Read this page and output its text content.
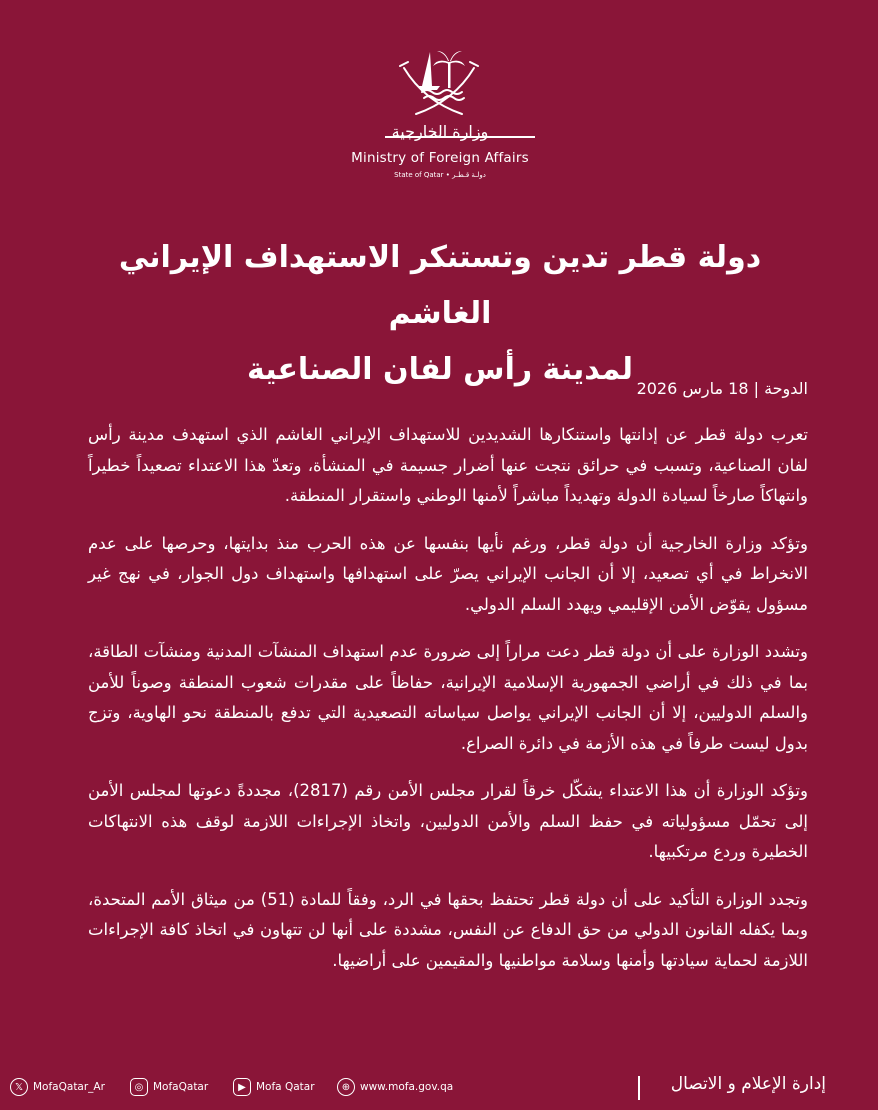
وزارة الخارجية
Ministry of Foreign Affairs
State of Qatar • دولـة قـطـر
دولة قطر تدين وتستنكر الاستهداف الإيراني الغاشم
لمدينة رأس لفان الصناعية
الدوحة | 18 مارس 2026

تعرب دولة قطر عن إدانتها واستنكارها الشديدين للاستهداف الإيراني الغاشم الذي استهدف مدينة رأس لفان الصناعية، وتسبب في حرائق نتجت عنها أضرار جسيمة في المنشأة، وتعدّ هذا الاعتداء تصعيداً خطيراً وانتهاكاً صارخاً لسيادة الدولة وتهديداً مباشراً لأمنها الوطني واستقرار المنطقة.

وتؤكد وزارة الخارجية أن دولة قطر، ورغم نأيها بنفسها عن هذه الحرب منذ بدايتها، وحرصها على عدم الانخراط في أي تصعيد، إلا أن الجانب الإيراني يصرّ على استهدافها واستهداف دول الجوار، في نهج غير مسؤول يقوّض الأمن الإقليمي ويهدد السلم الدولي.

وتشدد الوزارة على أن دولة قطر دعت مراراً إلى ضرورة عدم استهداف المنشآت المدنية ومنشآت الطاقة، بما في ذلك في أراضي الجمهورية الإسلامية الإيرانية، حفاظاً على مقدرات شعوب المنطقة وصوناً للأمن والسلم الدوليين، إلا أن الجانب الإيراني يواصل سياساته التصعيدية التي تدفع بالمنطقة نحو الهاوية، وتزج بدول ليست طرفاً في هذه الأزمة في دائرة الصراع.

وتؤكد الوزارة أن هذا الاعتداء يشكّل خرقاً لقرار مجلس الأمن رقم (2817)، مجددةً دعوتها لمجلس الأمن إلى تحمّل مسؤولياته في حفظ السلم والأمن الدوليين، واتخاذ الإجراءات اللازمة لوقف هذه الانتهاكات الخطيرة وردع مرتكبيها.

وتجدد الوزارة التأكيد على أن دولة قطر تحتفظ بحقها في الرد، وفقاً للمادة (51) من ميثاق الأمم المتحدة، وبما يكفله القانون الدولي من حق الدفاع عن النفس، مشددة على أنها لن تتهاون في اتخاذ كافة الإجراءات اللازمة لحماية سيادتها وأمنها وسلامة مواطنيها والمقيمين على أراضيها.

𝕏 MofaQatar_Ar	◎ MofaQatar	▶ Mofa Qatar	⊕ www.mofa.gov.qa	إدارة الإعلام و الاتصال
